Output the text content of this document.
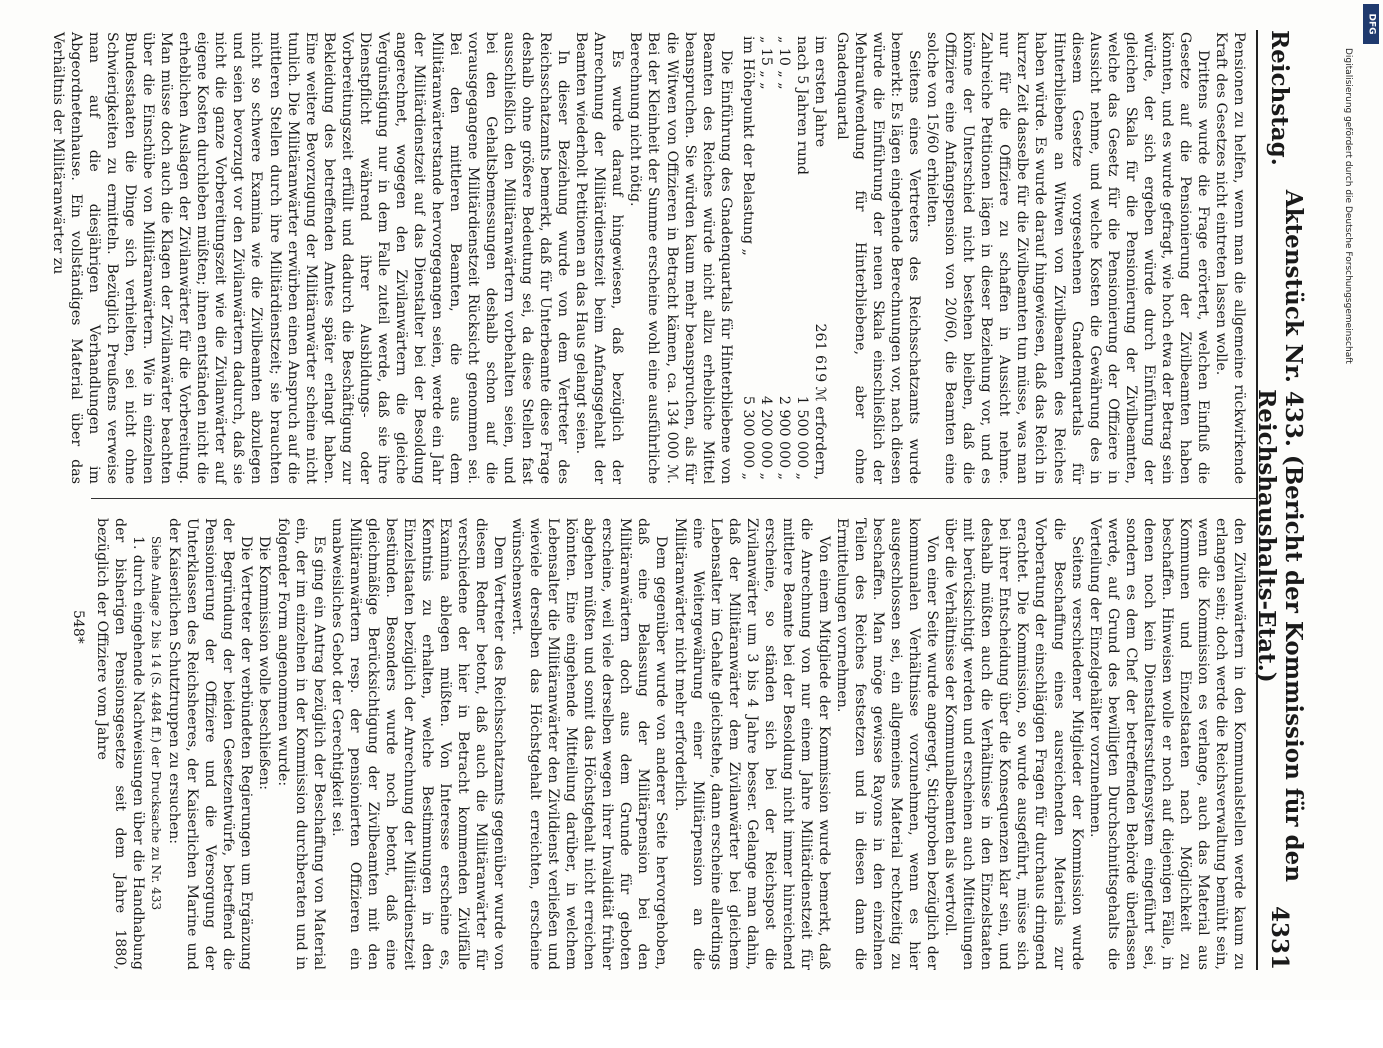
Reichstag.
Aktenstück Nr. 433. (Bericht der Kommission für den Reichshaushalts-Etat.)
4331

Pensionen zu helfen, wenn man die allgemeine rückwirkende Kraft des Gesetzes nicht eintreten lassen wolle.

Drittens wurde die Frage erörtert, welchen Einfluß die Gesetze auf die Pensionierung der Zivilbeamten haben könnten, und es wurde gefragt, wie hoch etwa der Betrag sein würde, der sich ergeben würde durch Einführung der gleichen Skala für die Pensionierung der Zivilbeamten, welche das Gesetz für die Pensionierung der Offiziere in Aussicht nehme, und welche Kosten die Gewährung des in diesem Gesetze vorgesehenen Gnadenquartals für Hinterbliebene an Witwen von Zivilbeamten des Reiches haben würde. Es wurde darauf hingewiesen, daß das Reich in kurzer Zeit dasselbe für die Zivilbeamten tun müsse, was man nur für die Offiziere zu schaffen in Aussicht nehme. Zahlreiche Petitionen lägen in dieser Beziehung vor, und es könne der Unterschied nicht bestehen bleiben, daß die Offiziere eine Anfangspension von 20/60, die Beamten eine solche von 15/60 erhielten.

Seitens eines Vertreters des Reichsschatzamts wurde bemerkt: Es lägen eingehende Berechnungen vor, nach diesen würde die Einführung der neuen Skala einschließlich der Mehraufwendung für Hinterbliebene, aber ohne Gnadenquartal

im ersten Jahre	261 619 ℳ erfordern,
nach 5 Jahren rund	1 500 000 „
„ 10 „ „	2 900 000 „
„ 15 „ „	4 200 000 „
im Höhepunkt der Belastung „	5 300 000 „

Die Einführung des Gnadenquartals für Hinterbliebene von Beamten des Reiches würde nicht allzu erhebliche Mittel beanspruchen. Sie würden kaum mehr beanspruchen, als für die Witwen von Offizieren in Betracht kämen, ca. 134 000 ℳ. Bei der Kleinheit der Summe erscheine wohl eine ausführliche Berechnung nicht nötig.

Es wurde darauf hingewiesen, daß bezüglich der Anrechnung der Militärdienstzeit beim Anfangsgehalt der Beamten wiederholt Petitionen an das Haus gelangt seien.

In dieser Beziehung wurde von dem Vertreter des Reichsschatzamts bemerkt, daß für Unterbeamte diese Frage deshalb ohne größere Bedeutung sei, da diese Stellen fast ausschließlich den Militäranwärtern vorbehalten seien, und bei den Gehaltsbemessungen deshalb schon auf die vorausgegangene Militärdienstzeit Rücksicht genommen sei. Bei den mittleren Beamten, die aus dem Militäranwärterstande hervorgegangen seien, werde ein Jahr der Militärdienstzeit auf das Dienstalter bei der Besoldung angerechnet, wogegen den Zivilanwärtern die gleiche Vergünstigung nur in dem Falle zuteil werde, daß sie ihre Dienstpflicht während ihrer Ausbildungs- oder Vorbereitungszeit erfüllt und dadurch die Beschäftigung zur Bekleidung des betreffenden Amtes später erlangt haben. Eine weitere Bevorzugung der Militäranwärter scheine nicht tunlich. Die Militäranwärter erwürben einen Anspruch auf die mittleren Stellen durch ihre Militärdienstzeit; sie brauchten nicht so schwere Examina wie die Zivilbeamten abzulegen und seien bevorzugt vor den Zivilanwärtern dadurch, daß sie nicht die ganze Vorbereitungszeit wie die Zivilanwärter auf eigene Kosten durchleben müßten; ihnen entständen nicht die erheblichen Auslagen der Zivilanwärter für die Vorbereitung. Man müsse doch auch die Klagen der Zivilanwärter beachten über die Einschübe von Militäranwärtern. Wie in einzelnen Bundesstaaten die Dinge sich verhielten, sei nicht ohne Schwierigkeiten zu ermitteln. Bezüglich Preußens verweise man auf die diesjährigen Verhandlungen im Abgeordnetenhause. Ein vollständiges Material über das Verhältnis der Militäranwärter zu

den Zivilanwärtern in den Kommunalstellen werde kaum zu erlangen sein; doch werde die Reichsverwaltung bemüht sein, wenn die Kommission es verlange, auch das Material aus Kommunen und Einzelstaaten nach Möglichkeit zu beschaffen. Hinweisen wolle er noch auf diejenigen Fälle, in denen noch kein Dienstaltersstufensystem eingeführt sei, sondern es dem Chef der betreffenden Behörde überlassen werde, auf Grund des bewilligten Durchschnittsgehalts die Verteilung der Einzelgehälter vorzunehmen.

Seitens verschiedener Mitglieder der Kommission wurde die Beschaffung eines ausreichenden Materials zur Vorberatung der einschlägigen Fragen für durchaus dringend erachtet. Die Kommission, so wurde ausgeführt, müsse sich bei ihrer Entscheidung über die Konsequenzen klar sein, und deshalb müßten auch die Verhältnisse in den Einzelstaaten mit berücksichtigt werden und erscheinen auch Mitteilungen über die Verhältnisse der Kommunalbeamten als wertvoll.

Von einer Seite wurde angeregt, Stichproben bezüglich der kommunalen Verhältnisse vorzunehmen, wenn es hier ausgeschlossen sei, ein allgemeines Material rechtzeitig zu beschaffen. Man möge gewisse Rayons in den einzelnen Teilen des Reiches festsetzen und in diesen dann die Ermittelungen vornehmen.

Von einem Mitgliede der Kommission wurde bemerkt, daß die Anrechnung von nur einem Jahre Militärdienstzeit für mittlere Beamte bei der Besoldung nicht immer hinreichend erscheine, so ständen sich bei der Reichspost die Zivilanwärter um 3 bis 4 Jahre besser. Gelange man dahin, daß der Militäranwärter dem Zivilanwärter bei gleichem Lebensalter im Gehalte gleichstehe, dann erscheine allerdings eine Weitergewährung einer Militärpension an die Militäranwärter nicht mehr erforderlich.

Dem gegenüber wurde von anderer Seite hervorgehoben, daß eine Belassung der Militärpension bei den Militäranwärtern doch aus dem Grunde für geboten erscheine, weil viele derselben wegen ihrer Invalidität früher abgehen müßten und somit das Höchstgehalt nicht erreichen könnten. Eine eingehende Mitteilung darüber, in welchem Lebensalter die Militäranwärter den Zivildienst verließen und wieviele derselben das Höchstgehalt erreichten, erscheine wünschenswert.

Dem Vertreter des Reichsschatzamts gegenüber wurde von diesem Redner betont, daß auch die Militäranwärter für verschiedene der hier in Betracht kommenden Zivilfälle Examina ablegen müßten. Von Interesse erscheine es, Kenntnis zu erhalten, welche Bestimmungen in den Einzelstaaten bezüglich der Anrechnung der Militärdienstzeit bestünden. Besonders wurde noch betont, daß eine gleichmäßige Berücksichtigung der Zivilbeamten mit den Militäranwärtern resp. der pensionierten Offizieren ein unabweisliches Gebot der Gerechtigkeit sei.

Es ging ein Antrag bezüglich der Beschaffung von Material ein, der im einzelnen in der Kommission durchberaten und in folgender Form angenommen wurde:

Die Kommission wolle beschließen:

Die Vertreter der verbündeten Regierungen um Ergänzung der Begründung der beiden Gesetzentwürfe, betreffend die Pensionierung der Offiziere und die Versorgung der Unterklassen des Reichsheeres, der Kaiserlichen Marine und der Kaiserlichen Schutztruppen zu ersuchen:

Siehe Anlage 2 bis 14 (S. 4484 ff.) der Drucksache zu Nr. 433

1. durch eingehende Nachweisungen über die Handhabung der bisherigen Pensionsgesetze seit dem Jahre 1880, bezüglich der Offiziere vom Jahre

548*
DFG
Digitalisierung gefördert durch die Deutsche Forschungsgemeinschaft
